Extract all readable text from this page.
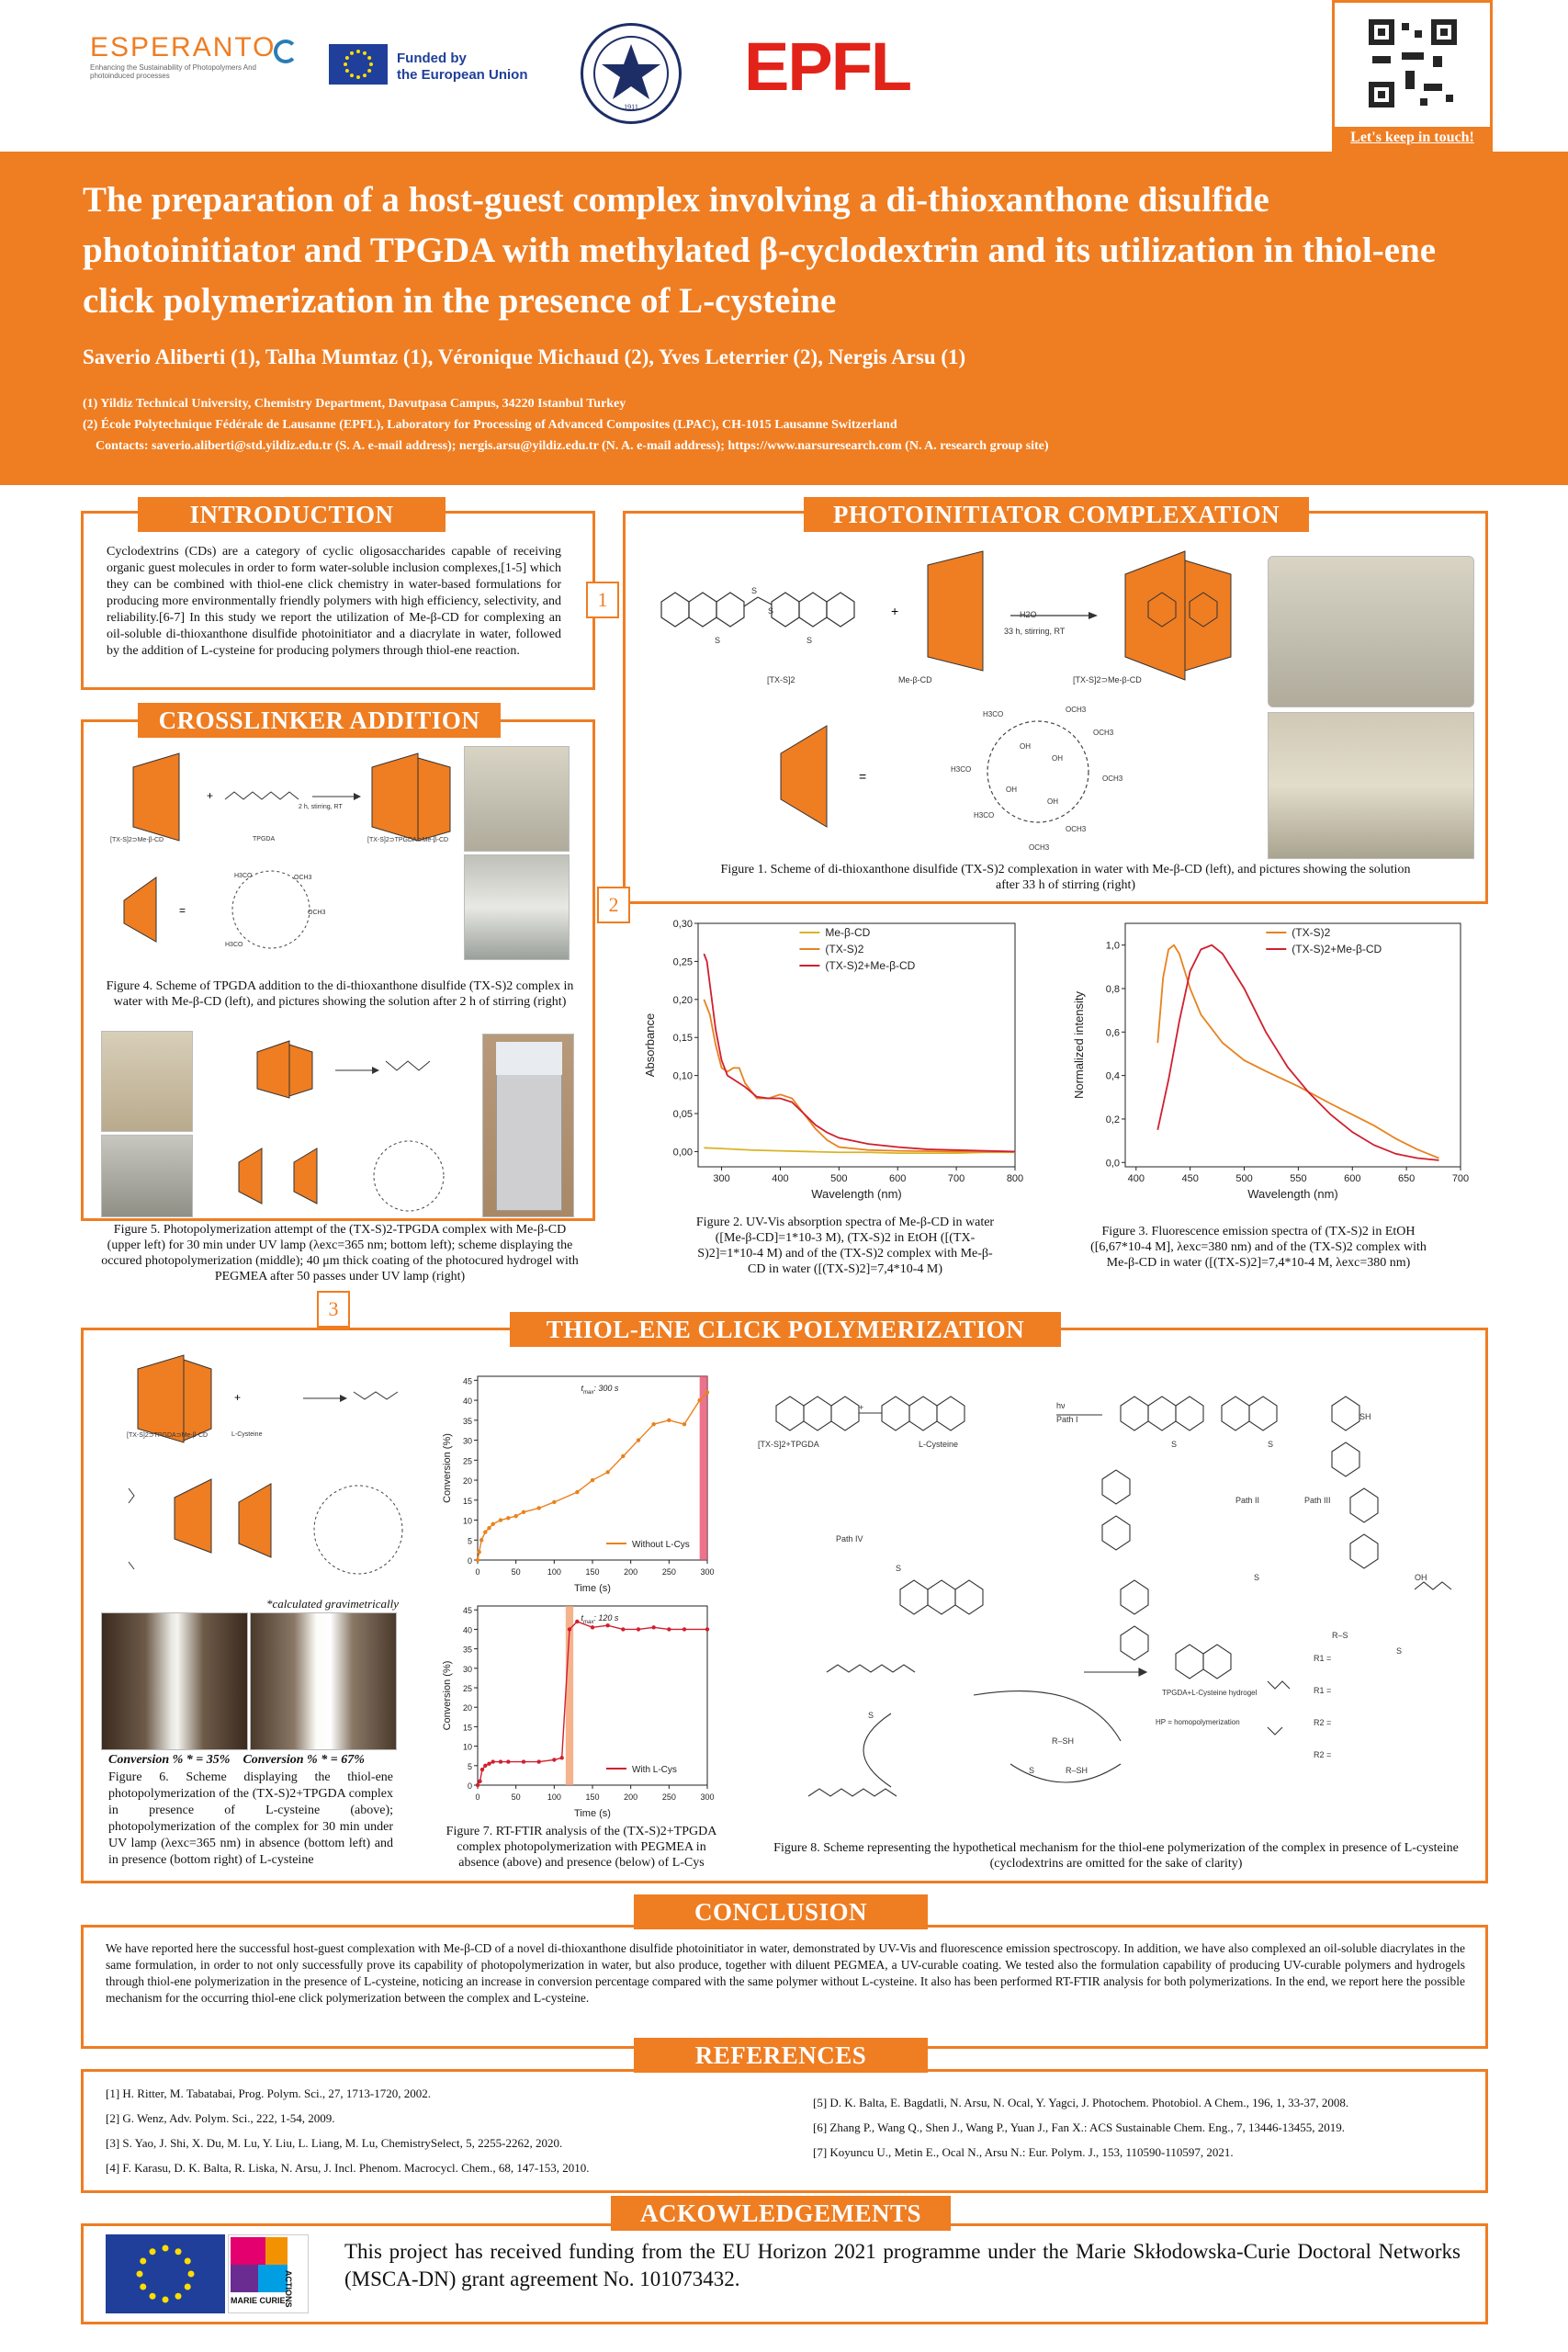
ESPERANTO
Enhancing the Sustainability of Photopolymers And photoinduced processes
Funded by
the European Union
1911
EPFL
Let's keep in touch!
The preparation of a host-guest complex involving a di-thioxanthone disulfide photoinitiator and TPGDA with methylated β-cyclodextrin and its utilization in thiol-ene click polymerization in the presence of L-cysteine
Saverio Aliberti (1), Talha Mumtaz (1), Véronique Michaud (2), Yves Leterrier (2), Nergis Arsu (1)
(1) Yildiz Technical University, Chemistry Department, Davutpasa Campus, 34220 Istanbul Turkey
(2) École Polytechnique Fédérale de Lausanne (EPFL), Laboratory for Processing of Advanced Composites (LPAC), CH-1015 Lausanne Switzerland
Contacts: saverio.aliberti@std.yildiz.edu.tr (S. A. e-mail address); nergis.arsu@yildiz.edu.tr (N. A. e-mail address); https://www.narsuresearch.com (N. A. research group site)
INTRODUCTION
Cyclodextrins (CDs) are a category of cyclic oligosaccharides capable of receiving organic guest molecules in order to form water-soluble inclusion complexes,[1-5] which they can be combined with thiol-ene click chemistry in water-based formulations for producing more environmentally friendly polymers with high efficiency, selectivity, and reliability.[6-7] In this study we report the utilization of Me-β-CD for complexing an oil-soluble di-thioxanthone disulfide photoinitiator and a diacrylate in water, followed by the addition of L-cysteine for producing polymers through thiol-ene reaction.
1
PHOTOINITIATOR COMPLEXATION
S
S
S	S
+
=
H3CO
OCH3
OCH3
H3CO
OCH3
H3CO
OCH3
OCH3
OH
OH
OH
OH
[TX-S]2	Me-β-CD	[TX-S]2⊃Me-β-CD
H2O
33 h, stirring, RT
Figure 1. Scheme of di-thioxanthone disulfide (TX-S)2 complexation in water with Me-β-CD (left), and pictures showing the solution after 33 h of stirring (right)
CROSSLINKER ADDITION
+
=
H3CO	OCH3
OCH3
H3CO
[TX-S]2⊃Me-β-CD	TPGDA
2 h, stirring, RT
[TX-S]2⊃TPGDA⊃Me-β-CD
Figure 4. Scheme of TPGDA addition to the di-thioxanthone disulfide (TX-S)2 complex in water with Me-β-CD (left), and pictures showing the solution after 2 h of stirring (right)
Figure 5. Photopolymerization attempt of the (TX-S)2-TPGDA complex with Me-β-CD (upper left) for 30 min under UV lamp (λexc=365 nm; bottom left); scheme displaying the occured photopolymerization (middle); 40 μm thick coating of the photocured hydrogel with PEGMEA after 50 passes under UV lamp (right)
2
300	400	500	600	700	800
0,00
0,05
0,10
0,15
0,20
0,25
0,30
Wavelength (nm)
Absorbance
Me-β-CD
(TX-S)2
(TX-S)2+Me-β-CD
Figure 2. UV-Vis absorption spectra of Me-β-CD in water ([Me-β-CD]=1*10-3 M), (TX-S)2 in EtOH ([(TX-S)2]=1*10-4 M) and of the (TX-S)2 complex with Me-β-CD in water ([(TX-S)2]=7,4*10-4 M)
400	450	500	550	600	650	700
0,0
0,2
0,4
0,6
0,8
1,0
Wavelength (nm)
Normalized intensity
(TX-S)2
(TX-S)2+Me-β-CD
Figure 3. Fluorescence emission spectra of (TX-S)2 in EtOH ([6,67*10-4 M], λexc=380 nm) and of the (TX-S)2 complex with Me-β-CD in water ([(TX-S)2]=7,4*10-4 M, λexc=380 nm)
3
THIOL-ENE CLICK POLYMERIZATION
+
[TX-S]2⊃TPGDA⊃Me-β-CD	L-Cysteine
*calculated gravimetrically
Conversion % * = 35% Conversion % * = 67%
Figure 6. Scheme displaying the thiol-ene photopolymerization of the (TX-S)2+TPGDA complex in presence of L-cysteine (above); photopolymerization of the complex for 30 min under UV lamp (λexc=365 nm) in absence (bottom left) and in presence (bottom right) of L-cysteine
0	50	100	150	200	250	300
0
5
10
15
20
25
30
35
40
45
Time (s)
Conversion (%)
Without L-Cys
$t_{max}$: 300 s
0	50	100	150	200	250	300
0
5
10
15
20
25
30
35
40
45
Time (s)
Conversion (%)
With L-Cys
$t_{max}$: 120 s
Figure 7. RT-FTIR analysis of the (TX-S)2+TPGDA complex photopolymerization with PEGMEA in absence (above) and presence (below) of L-Cys
[TX-S]2+TPGDA	L-Cysteine
+
S	S
SH
S
S
S
OH
S
S
R1 =
R2 =
R–SH
Path I
Path II	Path III
Path IV
hν
R–S
R–SH
TPGDA+L-Cysteine hydrogel
HP = homopolymerization
R1 =
R2 =
Figure 8. Scheme representing the hypothetical mechanism for the thiol-ene polymerization of the complex in presence of L-cysteine (cyclodextrins are omitted for the sake of clarity)
CONCLUSION
We have reported here the successful host-guest complexation with Me-β-CD of a novel di-thioxanthone disulfide photoinitiator in water, demonstrated by UV-Vis and fluorescence emission spectroscopy. In addition, we have also complexed an oil-soluble diacrylates in the same formulation, in order to not only successfully prove its capability of photopolymerization in water, but also produce, together with diluent PEGMEA, a UV-curable coating. We tested also the formulation capability of producing UV-curable polymers and hydrogels through thiol-ene polymerization in the presence of L-cysteine, noticing an increase in conversion percentage compared with the same polymer without L-cysteine. It also has been performed RT-FTIR analysis for both polymerizations. In the end, we report here the possible mechanism for the occurring thiol-ene click polymerization between the complex and L-cysteine.
REFERENCES
[1] H. Ritter, M. Tabatabai, Prog. Polym. Sci., 27, 1713-1720, 2002.
[2] G. Wenz, Adv. Polym. Sci., 222, 1-54, 2009.
[3] S. Yao, J. Shi, X. Du, M. Lu, Y. Liu, L. Liang, M. Lu, ChemistrySelect, 5, 2255-2262, 2020.
[4] F. Karasu, D. K. Balta, R. Liska, N. Arsu, J. Incl. Phenom. Macrocycl. Chem., 68, 147-153, 2010.
[5] D. K. Balta, E. Bagdatli, N. Arsu, N. Ocal, Y. Yagci, J. Photochem. Photobiol. A Chem., 196, 1, 33-37, 2008.
[6] Zhang P., Wang Q., Shen J., Wang P., Yuan J., Fan X.: ACS Sustainable Chem. Eng., 7, 13446-13455, 2019.
[7] Koyuncu U., Metin E., Ocal N., Arsu N.: Eur. Polym. J., 153, 110590-110597, 2021.
ACKOWLEDGEMENTS
MARIE CURIE
ACTIONS
This project has received funding from the EU Horizon 2021 programme under the Marie Skłodowska-Curie Doctoral Networks (MSCA-DN) grant agreement No. 101073432.
